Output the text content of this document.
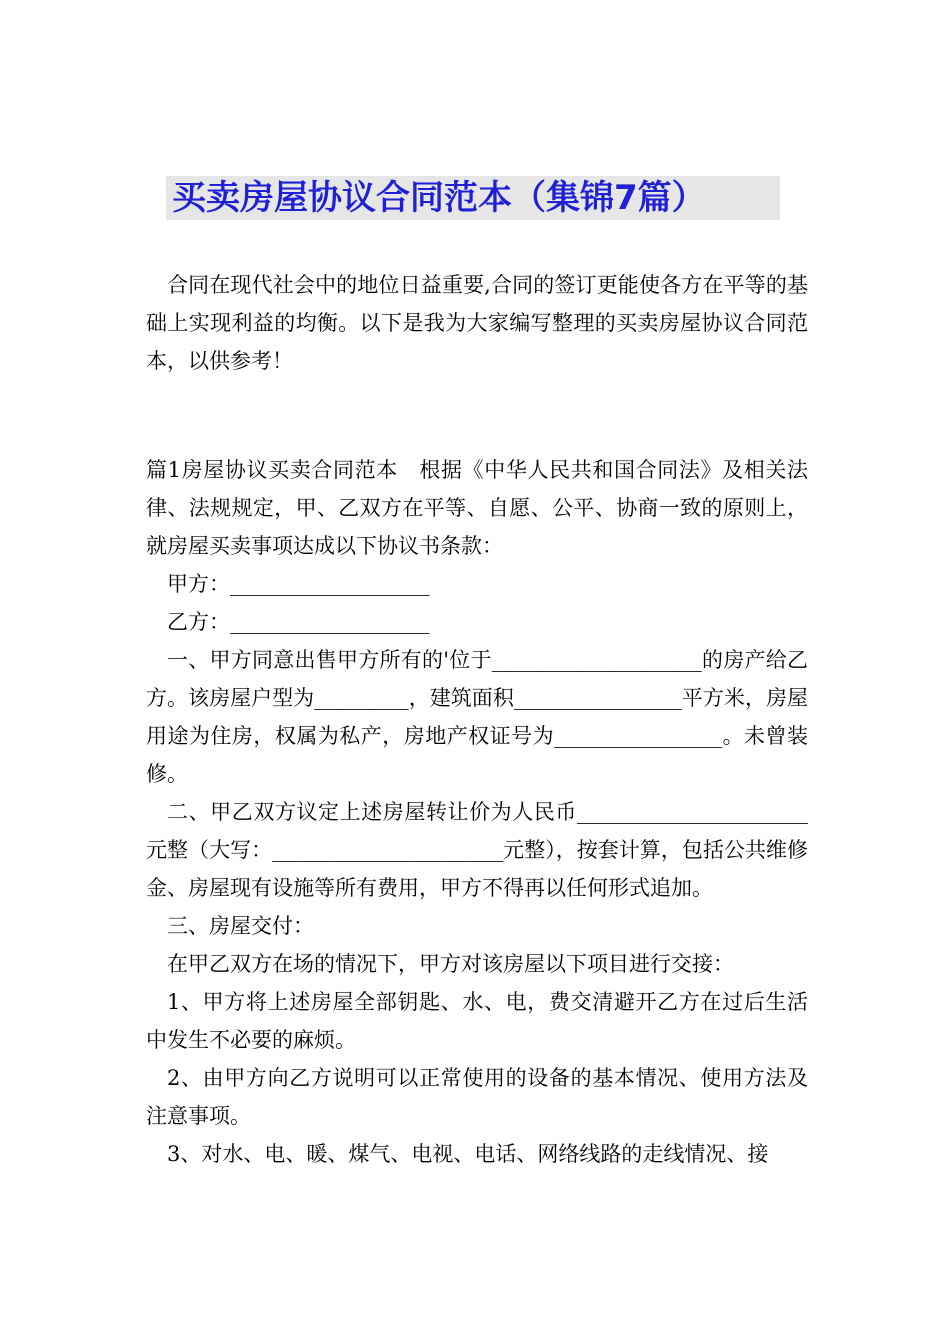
买卖房屋协议合同范本（集锦7篇）

合同在现代社会中的地位日益重要,合同的签订更能使各方在平等的基础上实现利益的均衡。以下是我为大家编写整理的买卖房屋协议合同范本，以供参考！

篇1房屋协议买卖合同范本　根据《中华人民共和国合同法》及相关法律、法规规定，甲、乙双方在平等、自愿、公平、协商一致的原则上，就房屋买卖事项达成以下协议书条款：

甲方：___________________

乙方：___________________

一、甲方同意出售甲方所有的'位于____________________的房产给乙方。该房屋户型为_________，建筑面积________________平方米，房屋用途为住房，权属为私产，房地产权证号为________________。未曾装修。

二、甲乙双方议定上述房屋转让价为人民币______________________元整（大写：______________________元整），按套计算，包括公共维修金、房屋现有设施等所有费用，甲方不得再以任何形式追加。

三、房屋交付：

在甲乙双方在场的情况下，甲方对该房屋以下项目进行交接：

1、甲方将上述房屋全部钥匙、水、电，费交清避开乙方在过后生活中发生不必要的麻烦。

2、由甲方向乙方说明可以正常使用的设备的基本情况、使用方法及注意事项。

3、对水、电、暖、煤气、电视、电话、网络线路的走线情况、接
